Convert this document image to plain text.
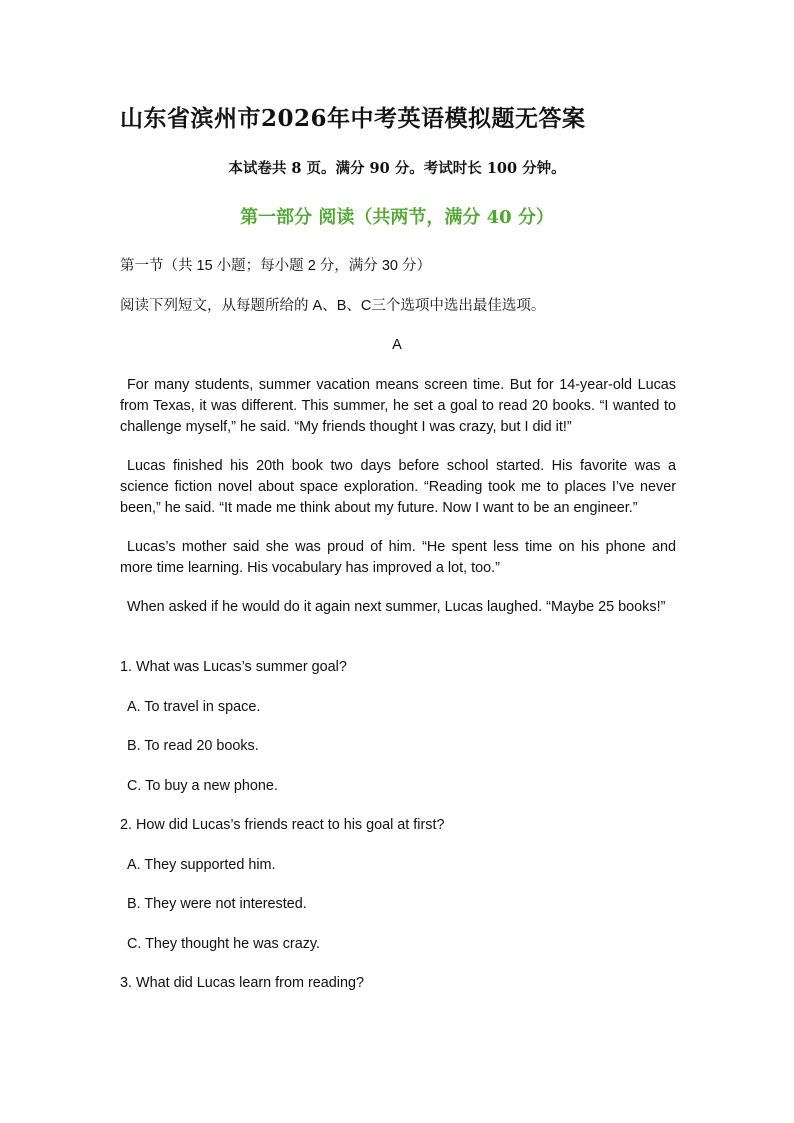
山东省滨州市2026年中考英语模拟题无答案
本试卷共 8 页。满分 90 分。考试时长 100 分钟。
第一部分 阅读（共两节，满分 40 分）
第一节（共 15 小题；每小题 2 分，满分 30 分）
阅读下列短文，从每题所给的 A、B、C三个选项中选出最佳选项。
A
For many students, summer vacation means screen time. But for 14-year-old Lucas from Texas, it was different. This summer, he set a goal to read 20 books. “I wanted to challenge myself,” he said. “My friends thought I was crazy, but I did it!”
Lucas finished his 20th book two days before school started. His favorite was a science fiction novel about space exploration. “Reading took me to places I’ve never been,” he said. “It made me think about my future. Now I want to be an engineer.”
Lucas’s mother said she was proud of him. “He spent less time on his phone and more time learning. His vocabulary has improved a lot, too.”
When asked if he would do it again next summer, Lucas laughed. “Maybe 25 books!”
1. What was Lucas’s summer goal?
A. To travel in space.
B. To read 20 books.
C. To buy a new phone.
2. How did Lucas’s friends react to his goal at first?
A. They supported him.
B. They were not interested.
C. They thought he was crazy.
3. What did Lucas learn from reading?
